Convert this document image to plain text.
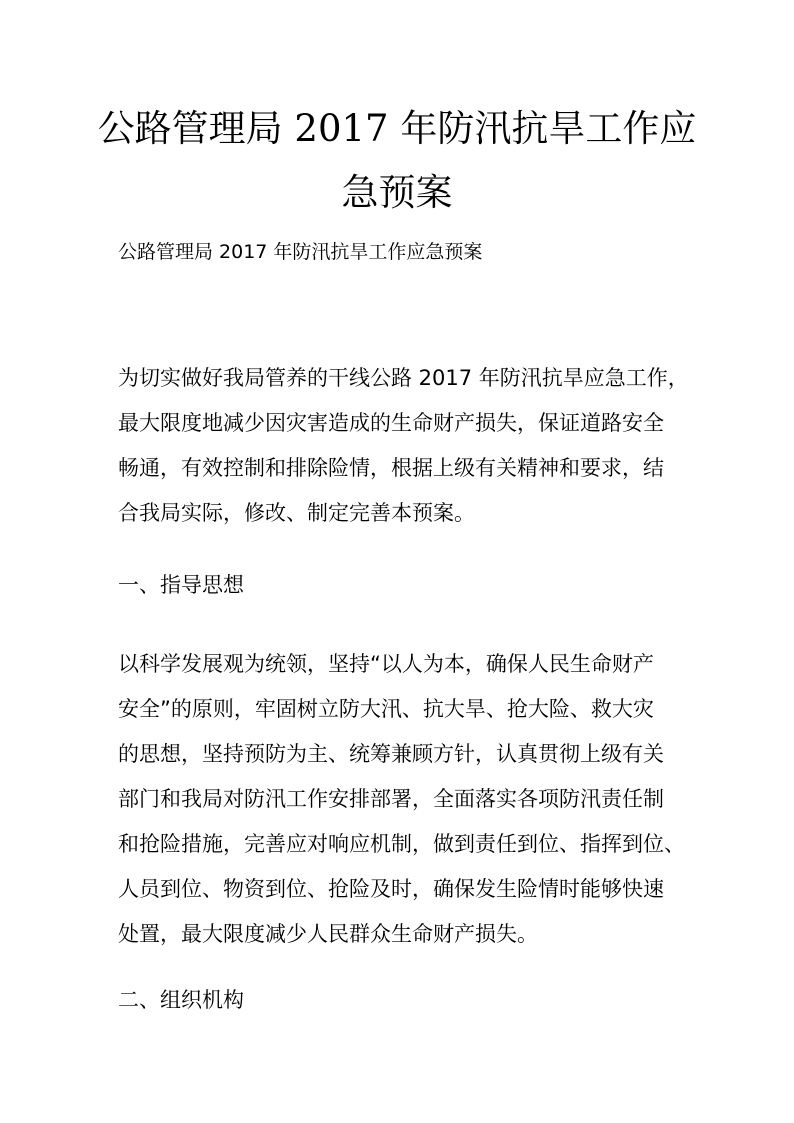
公路管理局 2017 年防汛抗旱工作应
急预案
公路管理局 2017 年防汛抗旱工作应急预案
为切实做好我局管养的干线公路 2017 年防汛抗旱应急工作，
最大限度地减少因灾害造成的生命财产损失，保证道路安全
畅通，有效控制和排除险情，根据上级有关精神和要求，结
合我局实际，修改、制定完善本预案。
一、指导思想
以科学发展观为统领，坚持“以人为本，确保人民生命财产
安全”的原则，牢固树立防大汛、抗大旱、抢大险、救大灾
的思想，坚持预防为主、统筹兼顾方针，认真贯彻上级有关
部门和我局对防汛工作安排部署，全面落实各项防汛责任制
和抢险措施，完善应对响应机制，做到责任到位、指挥到位、
人员到位、物资到位、抢险及时，确保发生险情时能够快速
处置，最大限度减少人民群众生命财产损失。
二、组织机构
